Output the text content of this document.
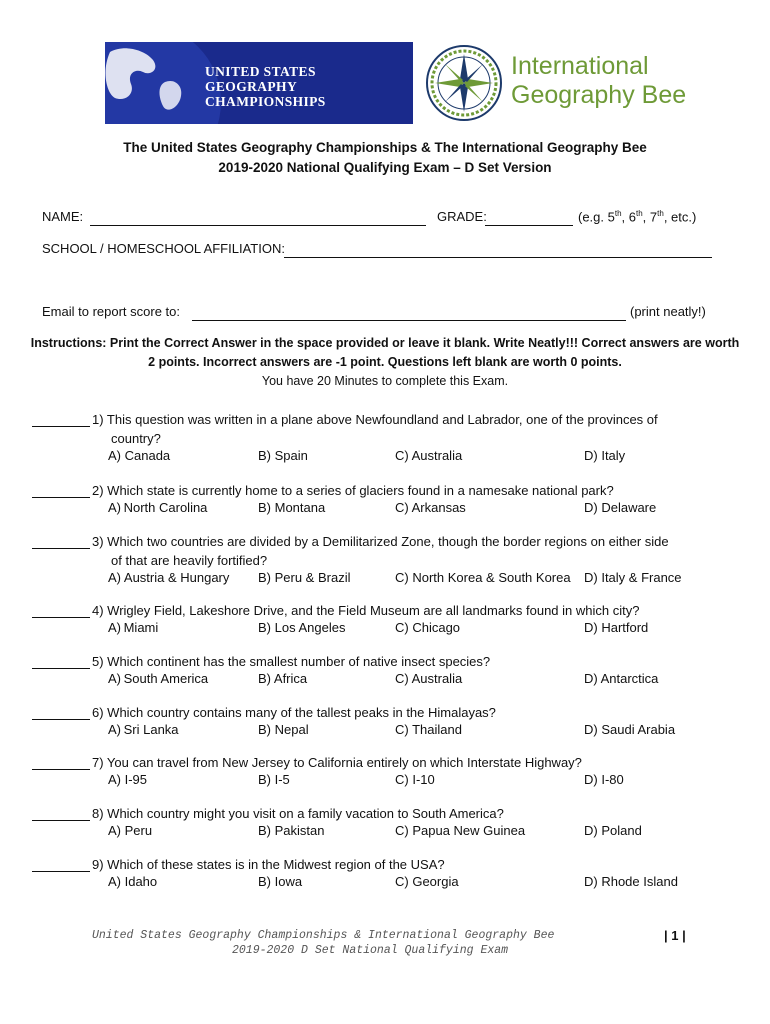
UNITED STATES
GEOGRAPHY CHAMPIONSHIPS
International
Geography Bee
The United States Geography Championships & The International Geography Bee
2019-2020 National Qualifying Exam – D Set Version
NAME:	GRADE:	(e.g. 5th, 6th, 7th, etc.)
SCHOOL / HOMESCHOOL AFFILIATION:
Email to report score to:	(print neatly!)
Instructions: Print the Correct Answer in the space provided or leave it blank. Write Neatly!!! Correct answers are worth 2 points. Incorrect answers are -1 point. Questions left blank are worth 0 points.
You have 20 Minutes to complete this Exam.
1) This question was written in a plane above Newfoundland and Labrador, one of the provinces of
country?
A) Canada	B) Spain	C) Australia	D) Italy
2) Which state is currently home to a series of glaciers found in a namesake national park?
A) North Carolina	B) Montana	C) Arkansas	D) Delaware
3) Which two countries are divided by a Demilitarized Zone, though the border regions on either side
of that are heavily fortified?
A) Austria & Hungary B) Peru & Brazil	C) North Korea & South Korea D) Italy & France
4) Wrigley Field, Lakeshore Drive, and the Field Museum are all landmarks found in which city?
A) Miami	B) Los Angeles	C) Chicago	D) Hartford
5) Which continent has the smallest number of native insect species?
A) South America	B) Africa	C) Australia	D) Antarctica
6) Which country contains many of the tallest peaks in the Himalayas?
A) Sri Lanka	B) Nepal	C) Thailand	D) Saudi Arabia
7) You can travel from New Jersey to California entirely on which Interstate Highway?
A) I-95	B) I-5	C) I-10	D) I-80
8) Which country might you visit on a family vacation to South America?
A) Peru	B) Pakistan	C) Papua New Guinea	D) Poland
9) Which of these states is in the Midwest region of the USA?
A) Idaho	B) Iowa	C) Georgia	D) Rhode Island
United States Geography Championships & International Geography Bee
2019-2020 D Set National Qualifying Exam
| 1 |
